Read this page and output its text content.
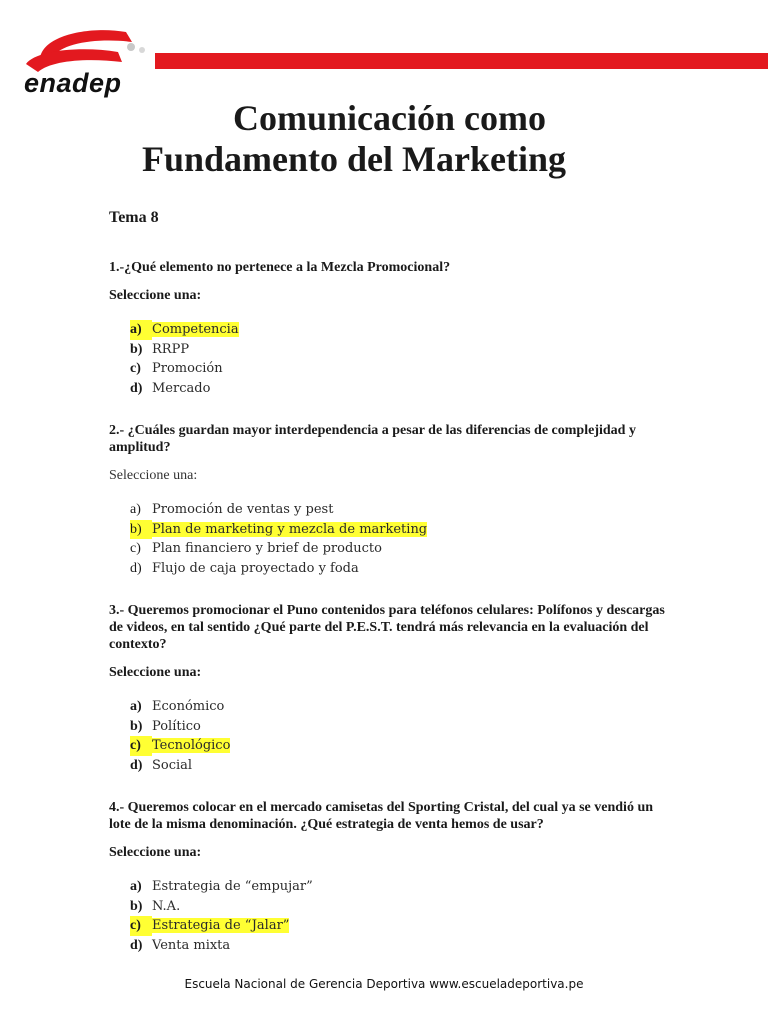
enadep

Comunicación como
Fundamento del Marketing

Tema 8

1.-¿Qué elemento no pertenece a la Mezcla Promocional?

Seleccione una:

a) Competencia
b) RRPP
c) Promoción
d) Mercado

2.- ¿Cuáles guardan mayor interdependencia a pesar de las diferencias de complejidad y amplitud?

Seleccione una:

a) Promoción de ventas y pest
b) Plan de marketing y mezcla de marketing
c) Plan financiero y brief de producto
d) Flujo de caja proyectado y foda

3.- Queremos promocionar el Puno contenidos para teléfonos celulares: Polífonos y descargas de videos, en tal sentido ¿Qué parte del P.E.S.T. tendrá más relevancia en la evaluación del contexto?

Seleccione una:

a) Económico
b) Político
c) Tecnológico
d) Social

4.- Queremos colocar en el mercado camisetas del Sporting Cristal, del cual ya se vendió un lote de la misma denominación. ¿Qué estrategia de venta hemos de usar?

Seleccione una:

a) Estrategia de “empujar”
b) N.A.
c) Estrategia de “Jalar”
d) Venta mixta
Escuela Nacional de Gerencia Deportiva www.escueladeportiva.pe
